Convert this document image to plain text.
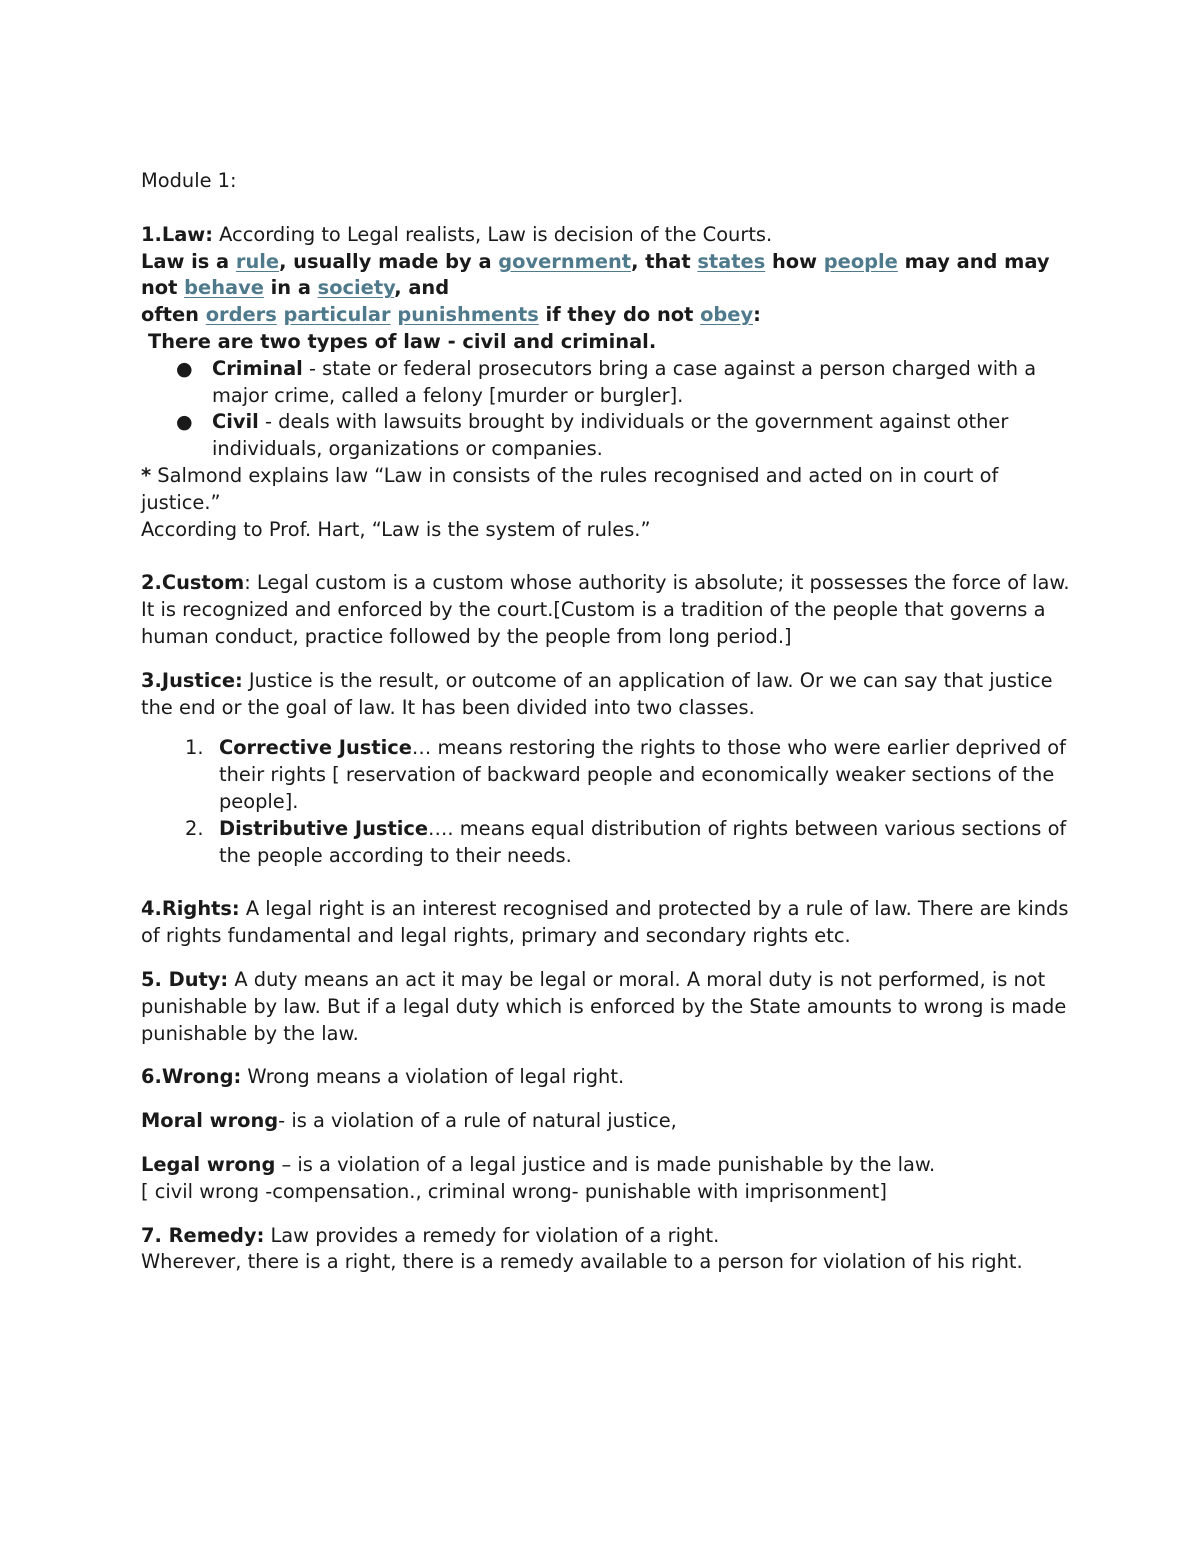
Module 1:

1.Law: According to Legal realists, Law is decision of the Courts.

Law is a rule, usually made by a government, that states how people may and may not behave in a society, and

often orders particular punishments if they do not obey:

There are two types of law - civil and criminal.

● Criminal - state or federal prosecutors bring a case against a person charged with a major crime, called a felony [murder or burgler].
● Civil - deals with lawsuits brought by individuals or the government against other individuals, organizations or companies.

* Salmond explains law “Law in consists of the rules recognised and acted on in court of justice.”

According to Prof. Hart, “Law is the system of rules.”

2.Custom: Legal custom is a custom whose authority is absolute; it possesses the force of law. It is recognized and enforced by the court.[Custom is a tradition of the people that governs a human conduct, practice followed by the people from long period.]

3.Justice: Justice is the result, or outcome of an application of law. Or we can say that justice the end or the goal of law. It has been divided into two classes.

1. Corrective Justice… means restoring the rights to those who were earlier deprived of their rights [ reservation of backward people and economically weaker sections of the people].
2. Distributive Justice…. means equal distribution of rights between various sections of the people according to their needs.

4.Rights: A legal right is an interest recognised and protected by a rule of law. There are kinds of rights fundamental and legal rights, primary and secondary rights etc.

5. Duty: A duty means an act it may be legal or moral. A moral duty is not performed, is not punishable by law. But if a legal duty which is enforced by the State amounts to wrong is made punishable by the law.

6.Wrong: Wrong means a violation of legal right.

Moral wrong- is a violation of a rule of natural justice,

Legal wrong – is a violation of a legal justice and is made punishable by the law.

[ civil wrong -compensation., criminal wrong- punishable with imprisonment]

7. Remedy: Law provides a remedy for violation of a right.

Wherever, there is a right, there is a remedy available to a person for violation of his right.
